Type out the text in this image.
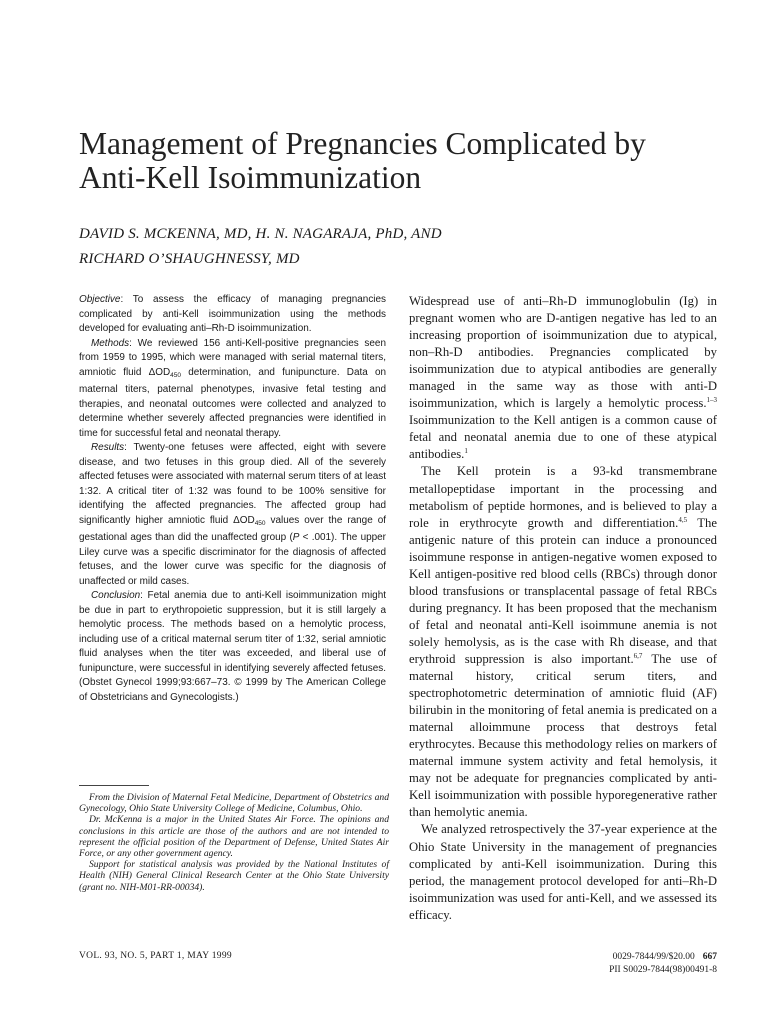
Management of Pregnancies Complicated by
Anti-Kell Isoimmunization
DAVID S. MCKENNA, MD, H. N. NAGARAJA, PhD, AND
RICHARD O’SHAUGHNESSY, MD

Objective: To assess the efficacy of managing pregnancies complicated by anti-Kell isoimmunization using the methods developed for evaluating anti–Rh-D isoimmunization.

Methods: We reviewed 156 anti-Kell-positive pregnancies seen from 1959 to 1995, which were managed with serial maternal titers, amniotic fluid $\Delta OD_{450}$ determination, and funipuncture. Data on maternal titers, paternal phenotypes, invasive fetal testing and therapies, and neonatal outcomes were collected and analyzed to determine whether severely affected pregnancies were identified in time for successful fetal and neonatal therapy.

Results: Twenty-one fetuses were affected, eight with severe disease, and two fetuses in this group died. All of the severely affected fetuses were associated with maternal serum titers of at least 1:32. A critical titer of 1:32 was found to be 100% sensitive for identifying the affected pregnancies. The affected group had significantly higher amniotic fluid $\Delta OD_{450}$ values over the range of gestational ages than did the unaffected group (P < .001). The upper Liley curve was a specific discriminator for the diagnosis of affected fetuses, and the lower curve was specific for the diagnosis of unaffected or mild cases.

Conclusion: Fetal anemia due to anti-Kell isoimmunization might be due in part to erythropoietic suppression, but it is still largely a hemolytic process. The methods based on a hemolytic process, including use of a critical maternal serum titer of 1:32, serial amniotic fluid analyses when the titer was exceeded, and liberal use of funipuncture, were successful in identifying severely affected fetuses. (Obstet Gynecol 1999;93:667–73. © 1999 by The American College of Obstetricians and Gynecologists.)

From the Division of Maternal Fetal Medicine, Department of Obstetrics and Gynecology, Ohio State University College of Medicine, Columbus, Ohio.

Dr. McKenna is a major in the United States Air Force. The opinions and conclusions in this article are those of the authors and are not intended to represent the official position of the Department of Defense, United States Air Force, or any other government agency.

Support for statistical analysis was provided by the National Institutes of Health (NIH) General Clinical Research Center at the Ohio State University (grant no. NIH-M01-RR-00034).

Widespread use of anti–Rh-D immunoglobulin (Ig) in pregnant women who are D-antigen negative has led to an increasing proportion of isoimmunization due to atypical, non–Rh-D antibodies. Pregnancies complicated by isoimmunization due to atypical antibodies are generally managed in the same way as those with anti-D isoimmunization, which is largely a hemolytic process.$^{1-3}$ Isoimmunization to the Kell antigen is a common cause of fetal and neonatal anemia due to one of these atypical antibodies.$^1$

The Kell protein is a 93-kd transmembrane metallopeptidase important in the processing and metabolism of peptide hormones, and is believed to play a role in erythrocyte growth and differentiation.$^{4,5}$ The antigenic nature of this protein can induce a pronounced isoimmune response in antigen-negative women exposed to Kell antigen-positive red blood cells (RBCs) through donor blood transfusions or transplacental passage of fetal RBCs during pregnancy. It has been proposed that the mechanism of fetal and neonatal anti-Kell isoimmune anemia is not solely hemolysis, as is the case with Rh disease, and that erythroid suppression is also important.$^{6,7}$ The use of maternal history, critical serum titers, and spectrophotometric determination of amniotic fluid (AF) bilirubin in the monitoring of fetal anemia is predicated on a maternal alloimmune process that destroys fetal erythrocytes. Because this methodology relies on markers of maternal immune system activity and fetal hemolysis, it may not be adequate for pregnancies complicated by anti-Kell isoimmunization with possible hyporegenerative rather than hemolytic anemia.

We analyzed retrospectively the 37-year experience at the Ohio State University in the management of pregnancies complicated by anti-Kell isoimmunization. During this period, the management protocol developed for anti–Rh-D isoimmunization was used for anti-Kell, and we assessed its efficacy.

VOL. 93, NO. 5, PART 1, MAY 1999	0029-7844/99/$20.00 667
PII S0029-7844(98)00491-8
